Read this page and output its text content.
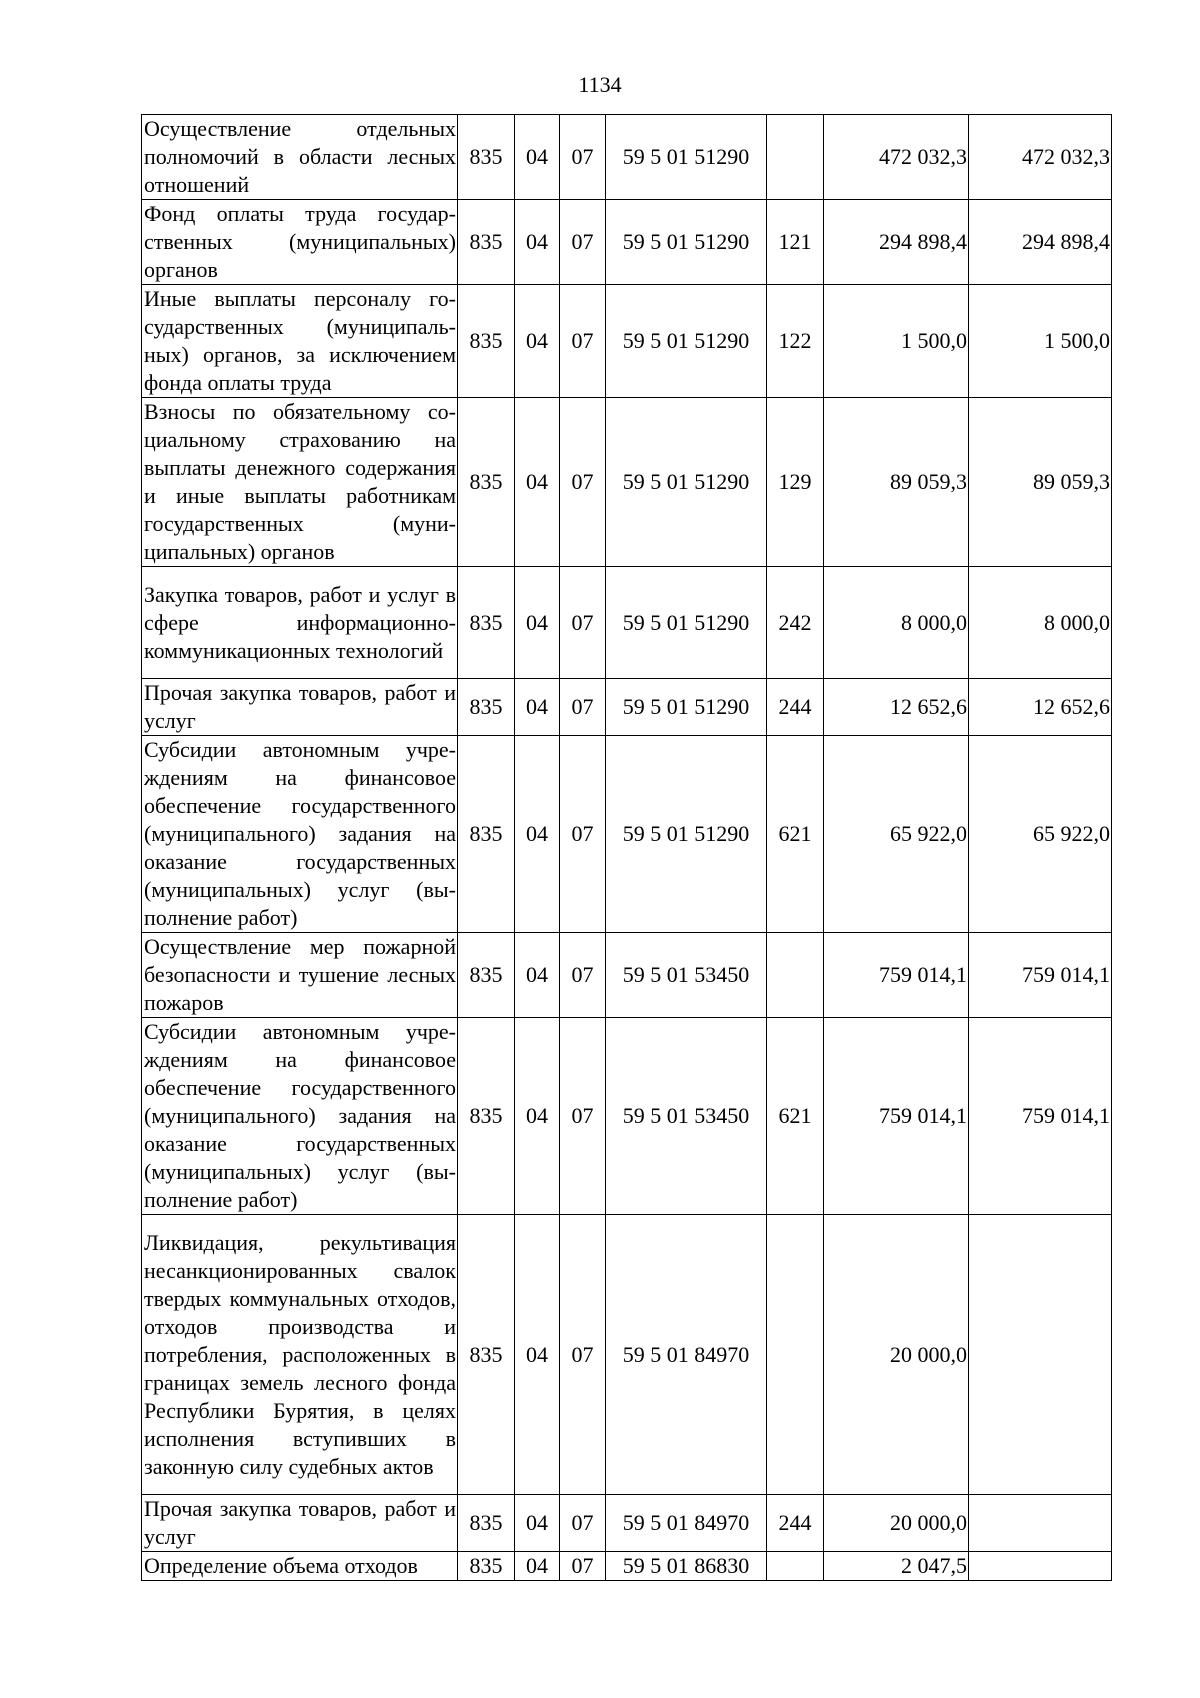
1134
Осуществление отдельных полномочий в области лесных отношений	835	04	07	59 5 01 51290		472 032,3	472 032,3
Фонд оплаты труда государственных (муниципальных) органов	835	04	07	59 5 01 51290	121	294 898,4	294 898,4
Иные выплаты персоналу государственных (муниципальных) органов, за исключением фонда оплаты труда	835	04	07	59 5 01 51290	122	1 500,0	1 500,0
Взносы по обязательному социальному страхованию на выплаты денежного содержания и иные выплаты работникам государственных (муниципальных) органов	835	04	07	59 5 01 51290	129	89 059,3	89 059,3
Закупка товаров, работ и услуг в сфере информационно-коммуникационных технологий	835	04	07	59 5 01 51290	242	8 000,0	8 000,0
Прочая закупка товаров, работ и услуг	835	04	07	59 5 01 51290	244	12 652,6	12 652,6
Субсидии автономным учреждениям на финансовое обеспечение государственного (муниципального) задания на оказание государственных (муниципальных) услуг (выполнение работ)	835	04	07	59 5 01 51290	621	65 922,0	65 922,0
Осуществление мер пожарной безопасности и тушение лесных пожаров	835	04	07	59 5 01 53450		759 014,1	759 014,1
Субсидии автономным учреждениям на финансовое обеспечение государственного (муниципального) задания на оказание государственных (муниципальных) услуг (выполнение работ)	835	04	07	59 5 01 53450	621	759 014,1	759 014,1
Ликвидация, рекультивация несанкционированных свалок твердых коммунальных отходов, отходов производства и потребления, расположенных в границах земель лесного фонда Республики Бурятия, в целях исполнения вступивших в законную силу судебных актов	835	04	07	59 5 01 84970		20 000,0	
Прочая закупка товаров, работ и услуг	835	04	07	59 5 01 84970	244	20 000,0	
Определение объема отходов	835	04	07	59 5 01 86830		2 047,5	
